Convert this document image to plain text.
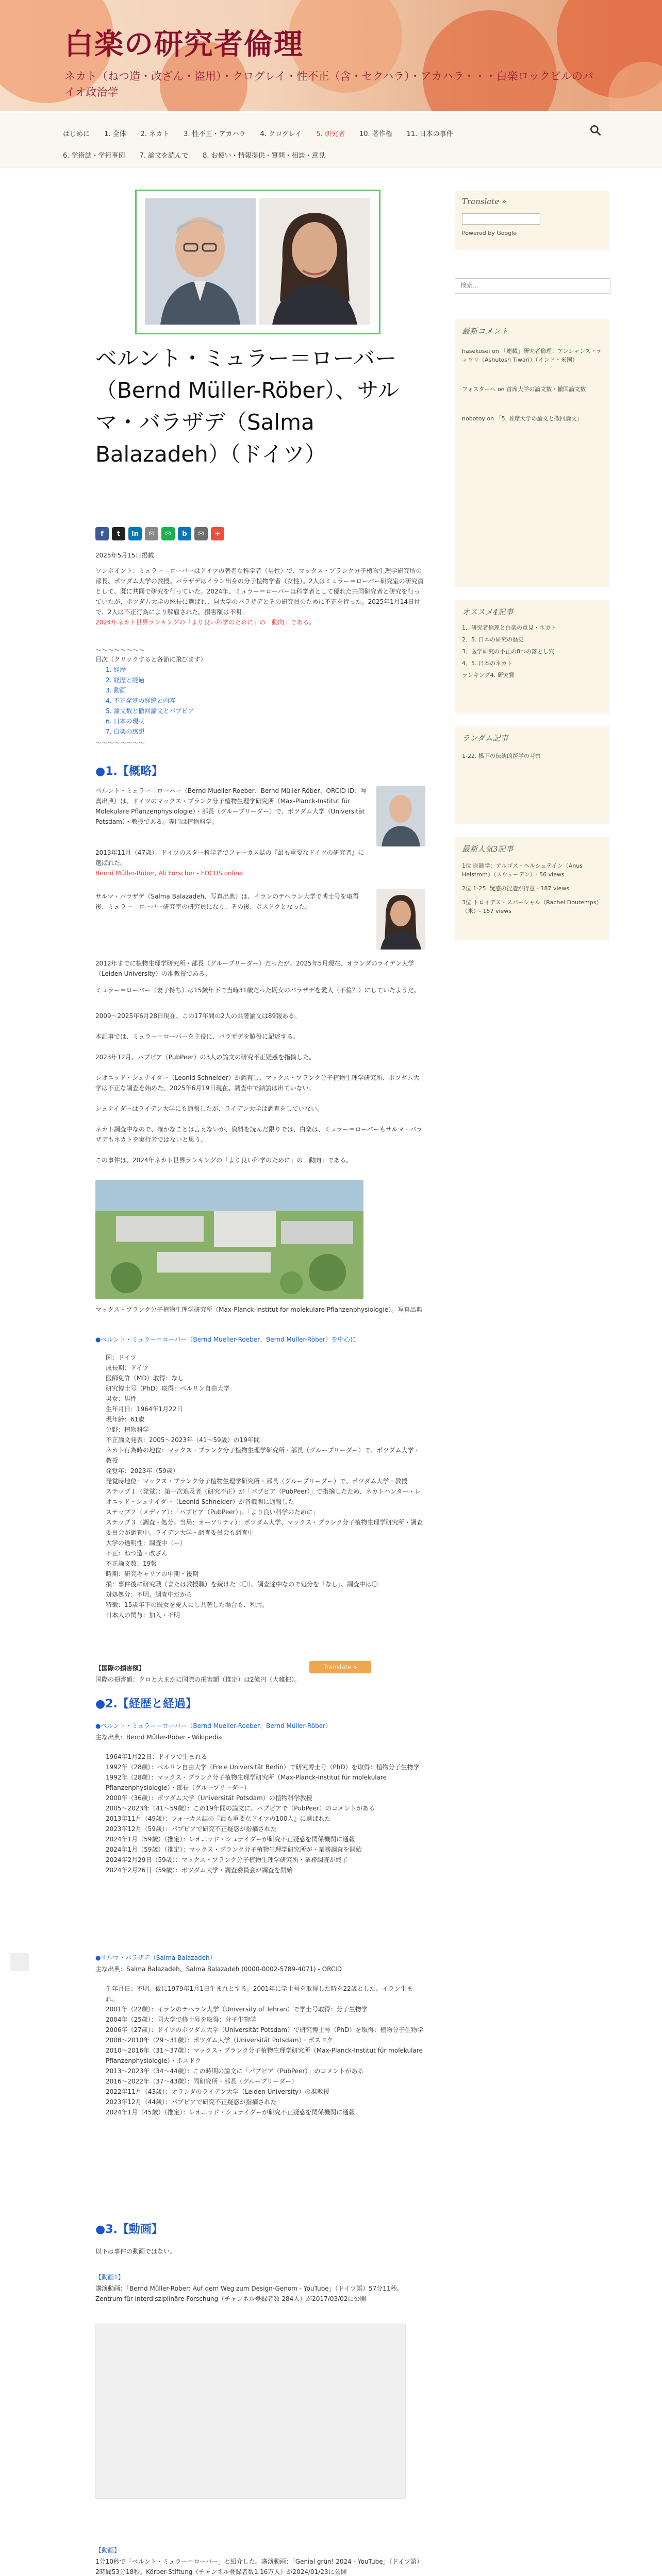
白楽の研究者倫理
ネカト（ねつ造・改ざん・盗用）・クログレイ・性不正（含・セクハラ）・アカハラ・・・白楽ロックビルのバイオ政治学
はじめに 1. 全体 2. ネカト 3. 性不正・アカハラ 4. クログレイ 5. 研究者 10. 著作権 11. 日本の事件
6. 学術誌・学術事例 7. 論文を読んで 8. お使い・情報提供・質問・相談・意見
ベルント・ミュラー＝ローバー（Bernd Müller-Röber）、サルマ・バラザデ（Salma Balazadeh）（ドイツ）
f	t	in	✉	✉	b	✉	+
2025年5月15日掲載
ワンポイント：ミュラー＝ローバーはドイツの著名な科学者（男性）で、マックス・プランク分子植物生理学研究所の部長、ポツダム大学の教授。バラザデはイラン出身の分子植物学者（女性）。2人はミュラー＝ローバー研究室の研究員として、既に共同で研究を行っていた。2024年、ミュラー＝ローバーは科学者として優れた共同研究者と研究を行っていたが、ポツダム大学の総長に選ばれ、同大学のバラザデとその研究員のために不正を行った。2025年1月14日付で、2人は不正行為により解雇された。損害額は不明。
2024年ネカト世界ランキングの「より良い科学のために」の「動向」である。
〜〜〜〜〜〜〜〜
目次（クリックすると各節に飛びます）
1. 経歴
2. 経歴と経過
3. 動画
4. 不正発覚の経緯と内容
5. 論文数と撤回論文とパブピア
6. 日本の現状
7. 白楽の感想
〜〜〜〜〜〜〜〜
●1.【概略】
ベルント・ミュラー＝ローバー（Bernd Mueller-Roeber、Bernd Müller-Röber、ORCID iD：写真出典）は、ドイツのマックス・プランク分子植物生理学研究所（Max-Planck-Institut für Molekulare Pflanzenphysiologie）・部長（グループリーダー）で、ポツダム大学（Universität Potsdam）・教授である。専門は植物科学。
2013年11月（47歳）、ドイツのスター科学者でフォーカス誌の『最も重要なドイツの研究者』に選ばれた。
Bernd Müller-Röber, Ali Forscher - FOCUS online
サルマ・バラザデ（Salma Balazadeh、写真出典）は、イランのテヘラン大学で博士号を取得後、ミュラー＝ローバー研究室の研究員になり、その後、ポスドクとなった。
2012年までに植物生理学研究所・部長（グループリーダー）だったが、2025年5月現在、オランダのライデン大学（Leiden University）の准教授である。
ミュラー＝ローバー（妻子持ち）は15歳年下で当時31歳だった既女のバラザデを愛人（不倫？）にしていたようだ。
2009〜2025年6月28日現在、この17年間の2人の共著論文は89報ある。
本記事では、ミュラー＝ローバーを主役に、バラザデを脇役に記述する。
2023年12月、パブピア（PubPeer）の3人の論文の研究不正疑惑を指摘した。
レオニッド・シュナイダー（Leonid Schneider）が調査し、マックス・プランク分子植物生理学研究所、ポツダム大学は不正な調査を始めた。2025年6月19日現在、調査中で結論は出ていない。
シュナイダーはライデン大学にも通報したが、ライデン大学は調査をしていない。
ネカト調査中なので、確かなことは言えないが、資料を読んだ限りでは、白楽は、ミュラー＝ローバーもサルマ・バラザデもネカトを実行者ではないと思う。
この事件は、2024年ネカト世界ランキングの「より良い科学のために」の「動向」である。
マックス・プランク分子植物生理学研究所（Max-Planck-Institut for molekulare Pflanzenphysiologie）。写真出典
●ベルント・ミュラー＝ローバー（Bernd Mueller-Roeber、Bernd Müller-Röber）を中心に
国：ドイツ
成長期：ドイツ
医師免許（MD）取得：なし
研究博士号（PhD）取得：ベルリン自由大学
男女：男性
生年月日：1964年1月22日
現年齢：61歳
分野：植物科学
不正論文発表：2005〜2023年（41〜59歳）の19年間
ネカト行為時の地位：マックス・プランク分子植物生理学研究所・部長（グループリーダー）で、ポツダム大学・教授
発覚年：2023年（59歳）
発覚時地位：マックス・プランク分子植物生理学研究所・部長（グループリーダー）で、ポツダム大学・教授
ステップ１（発覚）：第一次追及者（研究不正）が「パブピア（PubPeer）」で指摘したため、ネカトハンター・レオニッド・シュナイダー（Leonid Schneider）が各機関に通報した
ステップ２（メディア）：「パブピア（PubPeer）」、「より良い科学のために」
ステップ３（調査・処分、当局：オーソリティ）：ポツダム大学、マックス・プランク分子植物生理学研究所・調査委員会が調査中。ライデン大学・調査委員会も調査中
大学の透明性：調査中（ー）
不正：ねつ造・改ざん
不正論文数：19報
時期：研究キャリアの中期・後期
損：事件後に研究職（または教授職）を続けた（〇）。調査途中なので処分を「なし」、調査中は〇
対処処分：不明。調査中だから
特徴：15歳年下の既女を愛人にし共著した場合も、利用。
日本人の関与：加入・不明
【国際の損害額】
国際の損害額：クロと大まかに国際の損害額（推定）は2億円（大雑把）。
Translate »
●2.【経歴と経過】
●ベルント・ミュラー＝ローバー（Bernd Mueller-Roeber、Bernd Müller-Röber）
主な出典：Bernd Müller-Röber - Wikipedia
1964年1月22日：ドイツで生まれる
1992年（28歳）：ベルリン自由大学（Freie Universität Berlin）で研究博士号（PhD）を取得：植物分子生物学
1992年（28歳）：マックス・プランク分子植物生理学研究所（Max-Planck-Institut für molekulare Pflanzenphysiologie）・部長（グループリーダー）
2000年（36歳）：ポツダム大学（Universität Potsdam）の植物科学教授
2005〜2023年（41〜59歳）：この19年間の論文に、パブピアで（PubPeer）のコメントがある
2013年11月（49歳）：フォーカス誌の『最も重要なドイツの100人』に選ばれた
2023年12月（59歳）：パブピアで研究不正疑惑が指摘された
2024年1月（59歳）（推定）：レオニッド・シュナイダーが研究不正疑惑を関係機関に通報
2024年1月（59歳）（推定）：マックス・プランク分子植物生理学研究所が・業務調査を開始
2024年2月29日（59歳）：マックス・プランク分子植物生理学研究所・業務調査が終了
2024年2月26日（59歳）：ポツダム大学・調査委員会が調査を開始
●サルマ・バラザデ（Salma Balazadeh）
主な出典：Salma Balazadeh、Salma Balazadeh (0000-0002-5789-4071) - ORCID
生年月日：不明。仮に1979年1月1日生まれとする。2001年に学士号を取得した時を22歳とした。イラン生まれ。
2001年（22歳）：イランのテヘラン大学（University of Tehran）で学士号取得：分子生物学
2004年（25歳）：同大学で修士号を取得：分子生物学
2006年（27歳）：ドイツのポツダム大学（Universität Potsdam）で研究博士号（PhD）を取得：植物分子生物学
2008〜2010年（29〜31歳）：ポツダム大学（Universität Potsdam）・ポスドク
2010〜2016年（31〜37歳）：マックス・プランク分子植物生理学研究所（Max-Planck-Institut für molekulare Pflanzenphysiologie）・ポスドク
2013〜2023年（34〜44歳）：この時期の論文に「パブピア（PubPeer）」のコメントがある
2016〜2022年（37〜43歳）：同研究所・部長（グループリーダー）
2022年11月（43歳）：オランダのライデン大学（Leiden University）の准教授
2023年12月（44歳）：パブピアで研究不正疑惑が指摘された
2024年1月（45歳）（推定）：レオニッド・シュナイダーが研究不正疑惑を関係機関に通報
●3.【動画】
以下は事件の動画ではない。
【動画1】
講演動画：「Bernd Müller-Röber: Auf dem Weg zum Design-Genom - YouTube」（ドイツ語）57分11秒。Zentrum für interdisziplinäre Forschung（チャンネル登録者数 284人）が2017/03/02に公開
【動画】
1分10秒で「ベルント・ミュラー＝ローバー」と紹介した。講演動画：「Genial grün! 2024 - YouTube」（ドイツ語）2時間53分18秒。Körber-Stiftung（チャンネル登録者数1.16万人）が2024/01/23に公開
Translate »
Powered by Google
検索...
最新コメント
hasekosei on 「連載」研究者倫理：アンシャンス・ティワリ（Ashutosh Tiwari）（インド・米国）
フォスターへ on 首席大学の論文数・撤回論文数
nobotoy on 「5. 首席大学の論文と撤回論文」
オススメ4記事
1．研究者倫理と白楽の意見・ネカト
2．5. 日本の研究の歴史
3．医学研究の不正の8つの落とし穴
4．5. 日本のネカト
ランキング4. 研究費
ランダム記事
1-22. 橋下の伝統的医学の考察
最新人気3記事
1位 医師学：アルゴス・ヘルシュテイン（Anus Helstrom）（スウェーデン）- 56 views
2位 1-25. 疑惑の捏造が得意 - 187 views
3位 トロイデス・スパーシャル（Rachel Doutemps）（米）- 157 views
